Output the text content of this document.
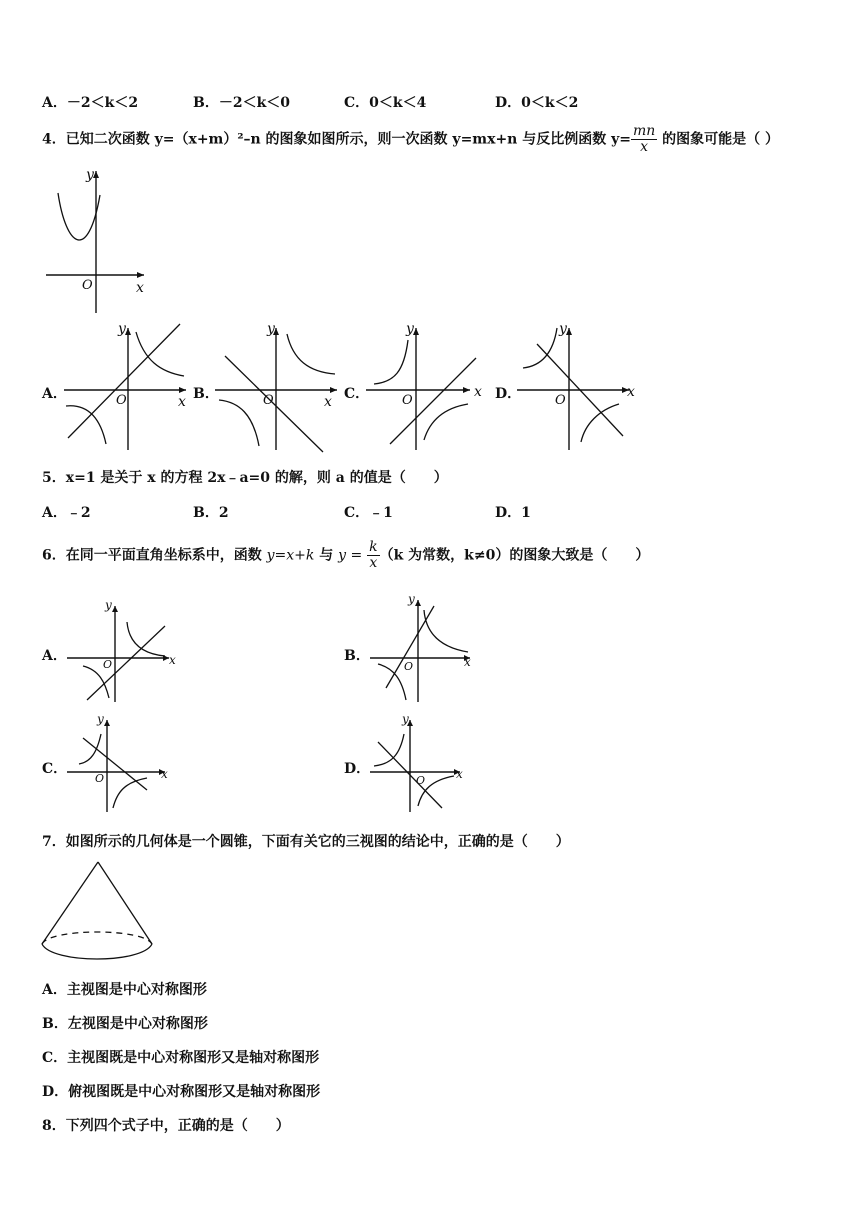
A．－2＜k＜2	B．－2＜k＜0	C．0＜k＜4	D．0＜k＜2
4．已知二次函数 y=（x+m）²–n 的图象如图所示，则一次函数 y=mx+n 与反比例函数 $y= \frac{mn}{x}$ 的图象可能是（ ）
y
x
O
A．
y
x
O	B．
y
x
O	C．
y
x
O	D．
y
x
O
5．x=1 是关于 x 的方程 2x﹣a=0 的解，则 a 的值是（　　）
A．﹣2	B．2	C．﹣1	D．1
6．在同一平面直角坐标系中，函数 y=x+k 与 $y = \frac{k}{x} (k$ 为常数，k≠0）的图象大致是（　　）
A．
y
x
O
B．
y
x
O
C．
y
x
O
D．
y
x
O
7．如图所示的几何体是一个圆锥，下面有关它的三视图的结论中，正确的是（　　）
A．主视图是中心对称图形
B．左视图是中心对称图形
C．主视图既是中心对称图形又是轴对称图形
D．俯视图既是中心对称图形又是轴对称图形
8．下列四个式子中，正确的是（　　）
